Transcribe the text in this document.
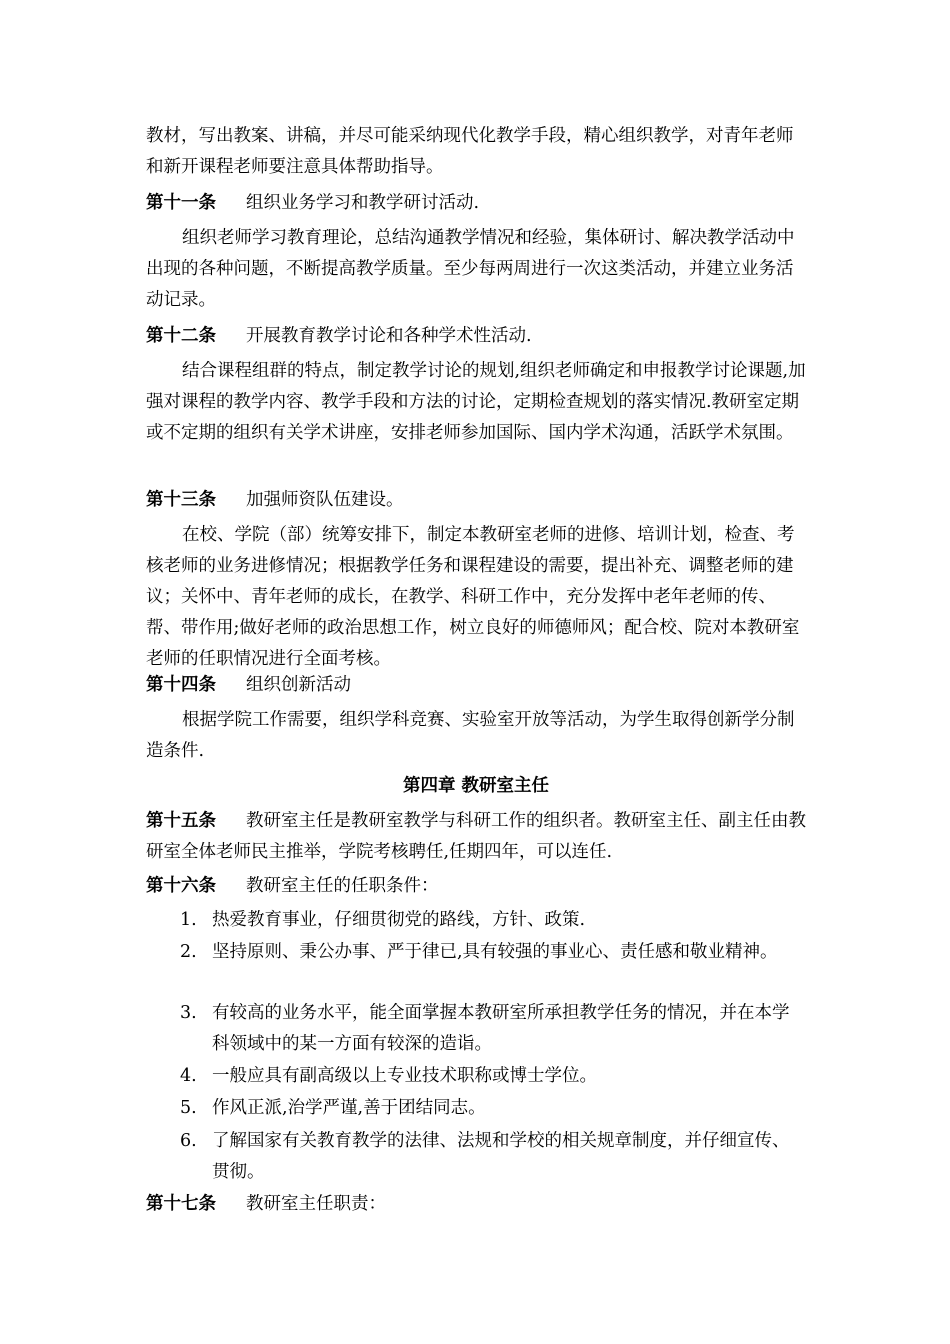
教材，写出教案、讲稿，并尽可能采纳现代化教学手段，精心组织教学，对青年老师和新开课程老师要注意具体帮助指导。

第十一条 组织业务学习和教学研讨活动.

组织老师学习教育理论，总结沟通教学情况和经验，集体研讨、解决教学活动中出现的各种问题，不断提高教学质量。至少每两周进行一次这类活动，并建立业务活动记录。

第十二条 开展教育教学讨论和各种学术性活动.

结合课程组群的特点，制定教学讨论的规划,组织老师确定和申报教学讨论课题,加强对课程的教学内容、教学手段和方法的讨论，定期检查规划的落实情况.教研室定期或不定期的组织有关学术讲座，安排老师参加国际、国内学术沟通，活跃学术氛围。

第十三条 加强师资队伍建设。

在校、学院（部）统筹安排下，制定本教研室老师的进修、培训计划，检查、考核老师的业务进修情况；根据教学任务和课程建设的需要，提出补充、调整老师的建议；关怀中、青年老师的成长，在教学、科研工作中，充分发挥中老年老师的传、帮、带作用;做好老师的政治思想工作，树立良好的师德师风；配合校、院对本教研室老师的任职情况进行全面考核。

第十四条 组织创新活动

根据学院工作需要，组织学科竞赛、实验室开放等活动，为学生取得创新学分制造条件.

第四章 教研室主任

第十五条 教研室主任是教研室教学与科研工作的组织者。教研室主任、副主任由教研室全体老师民主推举，学院考核聘任,任期四年，可以连任.

第十六条 教研室主任的任职条件：

1. 热爱教育事业，仔细贯彻党的路线，方针、政策.
2. 坚持原则、秉公办事、严于律已,具有较强的事业心、责任感和敬业精神。
3. 有较高的业务水平，能全面掌握本教研室所承担教学任务的情况，并在本学科领域中的某一方面有较深的造诣。
4. 一般应具有副高级以上专业技术职称或博士学位。
5. 作风正派,治学严谨,善于团结同志。
6. 了解国家有关教育教学的法律、法规和学校的相关规章制度，并仔细宣传、贯彻。

第十七条 教研室主任职责：
